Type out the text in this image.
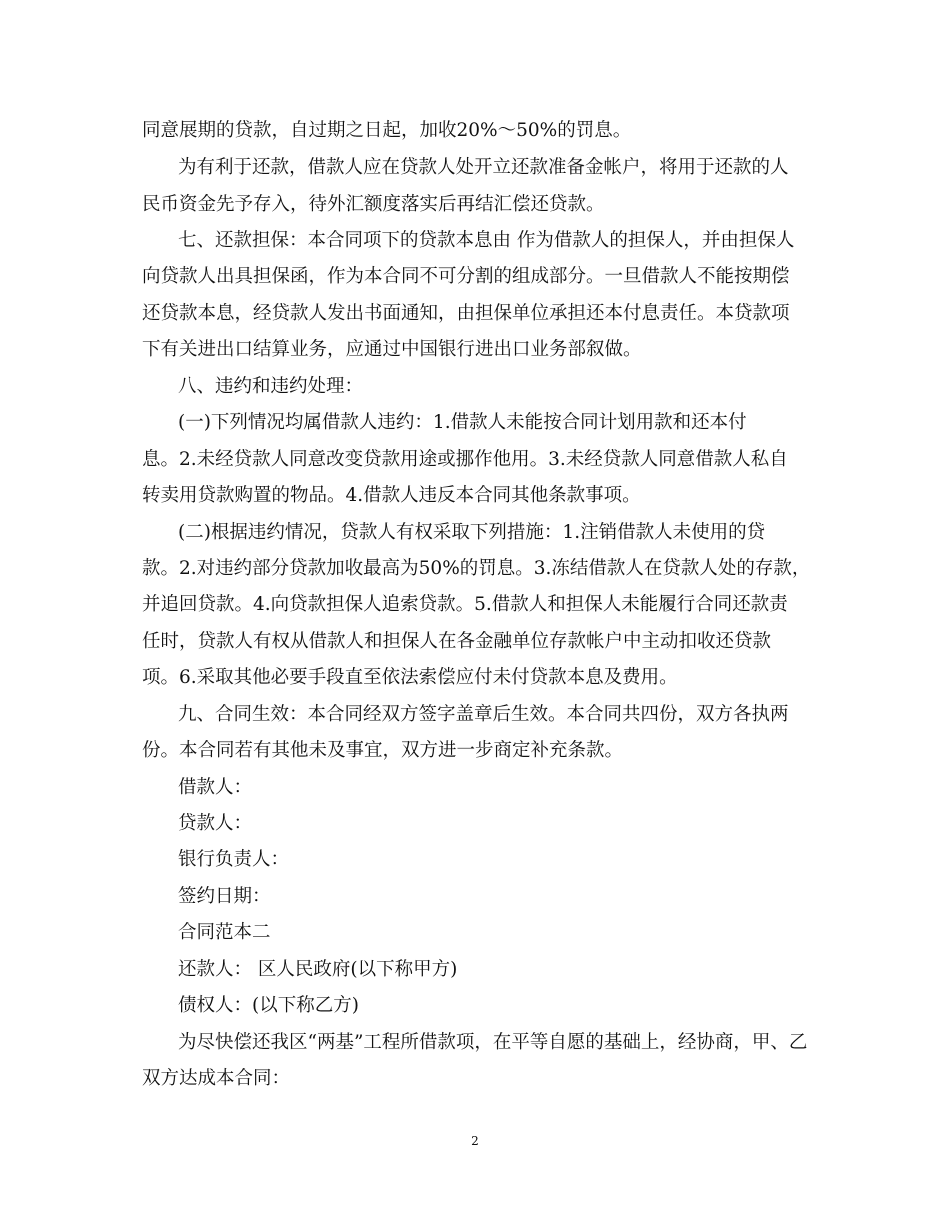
同意展期的贷款，自过期之日起，加收20%～50%的罚息。
为有利于还款，借款人应在贷款人处开立还款准备金帐户，将用于还款的人
民币资金先予存入，待外汇额度落实后再结汇偿还贷款。
七、还款担保：本合同项下的贷款本息由 作为借款人的担保人，并由担保人
向贷款人出具担保函，作为本合同不可分割的组成部分。一旦借款人不能按期偿
还贷款本息，经贷款人发出书面通知，由担保单位承担还本付息责任。本贷款项
下有关进出口结算业务，应通过中国银行进出口业务部叙做。
八、违约和违约处理：
(一)下列情况均属借款人违约：1.借款人未能按合同计划用款和还本付
息。2.未经贷款人同意改变贷款用途或挪作他用。3.未经贷款人同意借款人私自
转卖用贷款购置的物品。4.借款人违反本合同其他条款事项。
(二)根据违约情况，贷款人有权采取下列措施：1.注销借款人未使用的贷
款。2.对违约部分贷款加收最高为50%的罚息。3.冻结借款人在贷款人处的存款，
并追回贷款。4.向贷款担保人追索贷款。5.借款人和担保人未能履行合同还款责
任时，贷款人有权从借款人和担保人在各金融单位存款帐户中主动扣收还贷款
项。6.采取其他必要手段直至依法索偿应付未付贷款本息及费用。
九、合同生效：本合同经双方签字盖章后生效。本合同共四份，双方各执两
份。本合同若有其他未及事宜，双方进一步商定补充条款。
借款人：
贷款人：
银行负责人：
签约日期：
合同范本二
还款人： 区人民政府(以下称甲方)
债权人：(以下称乙方)
为尽快偿还我区“两基”工程所借款项，在平等自愿的基础上，经协商，甲、乙
双方达成本合同：
2
